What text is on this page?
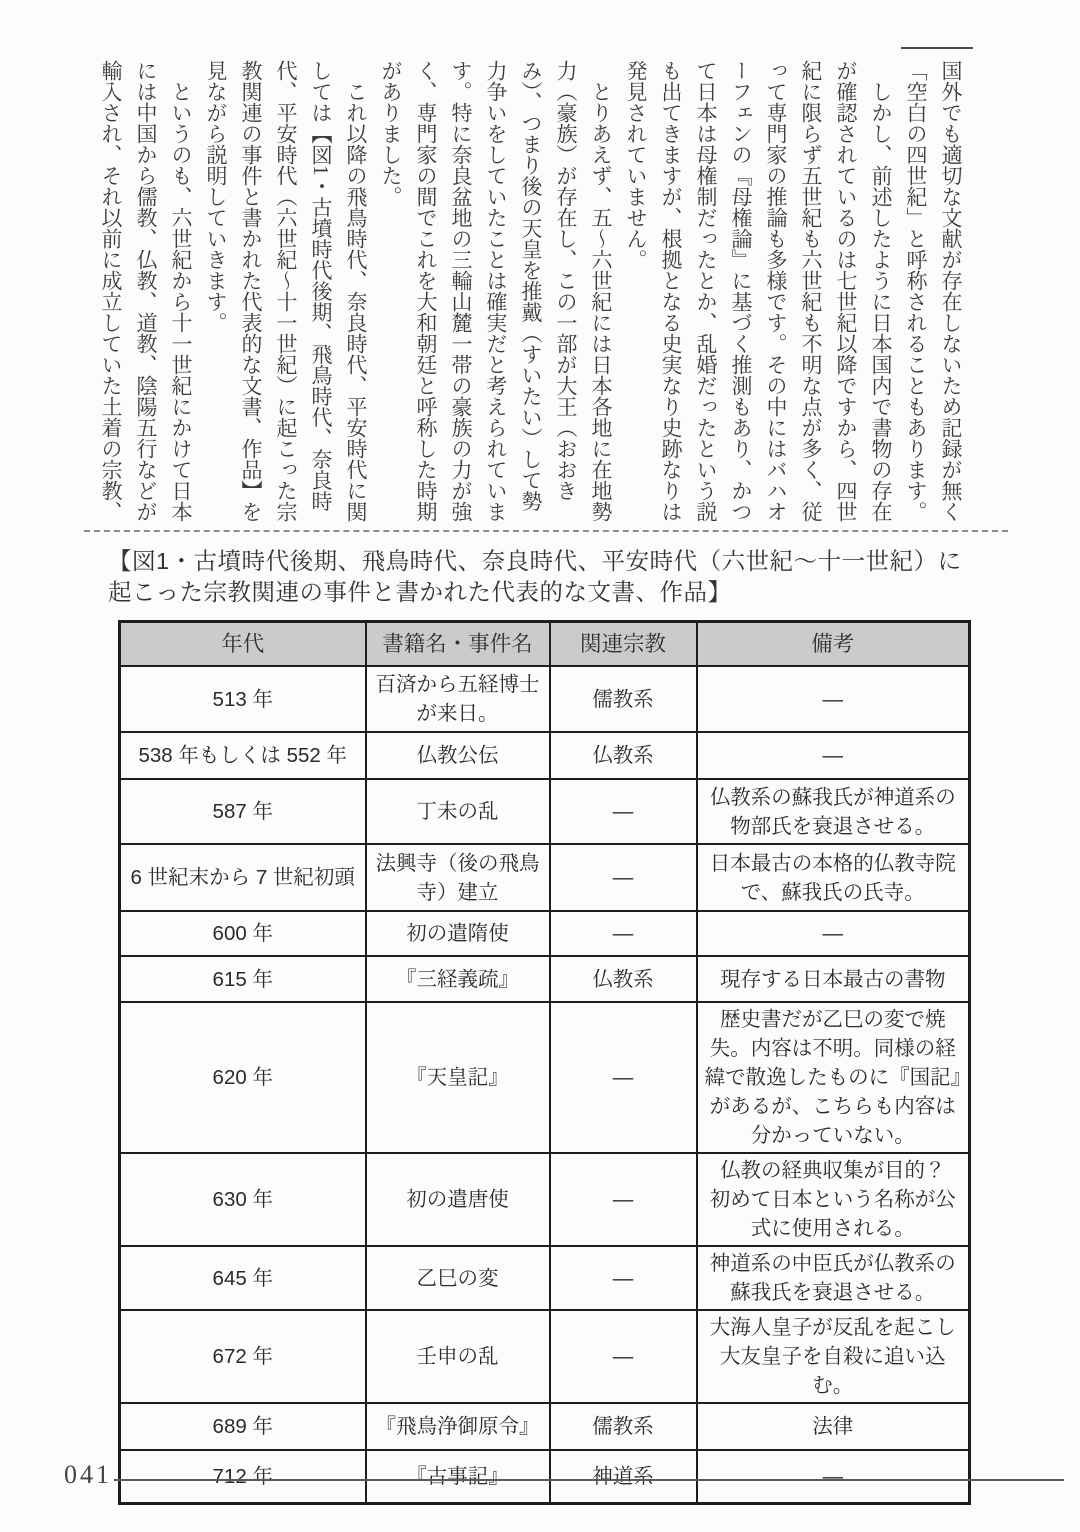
国外でも適切な文献が存在しないため記録が無く「空白の四世紀」と呼称されることもあります。

しかし、前述したように日本国内で書物の存在が確認されているのは七世紀以降ですから、四世紀に限らず五世紀も六世紀も不明な点が多く、従って専門家の推論も多様です。その中にはバハオーフェンの『母権論』に基づく推測もあり、かつて日本は母権制だったとか、乱婚だったという説も出てきますが、根拠となる史実なり史跡なりは発見されていません。

とりあえず、五〜六世紀には日本各地に在地勢力（豪族）が存在し、この一部が大王（おおきみ）、つまり後の天皇を推戴（すいたい）して勢力争いをしていたことは確実だと考えられています。特に奈良盆地の三輪山麓一帯の豪族の力が強く、専門家の間でこれを大和朝廷と呼称した時期がありました。

これ以降の飛鳥時代、奈良時代、平安時代に関しては【図1・古墳時代後期、飛鳥時代、奈良時代、平安時代（六世紀〜十一世紀）に起こった宗教関連の事件と書かれた代表的な文書、作品】を見ながら説明していきます。

というのも、六世紀から十一世紀にかけて日本には中国から儒教、仏教、道教、陰陽五行などが輸入され、それ以前に成立していた土着の宗教、

【図1・古墳時代後期、飛鳥時代、奈良時代、平安時代（六世紀〜十一世紀）に
起こった宗教関連の事件と書かれた代表的な文書、作品】
年代	書籍名・事件名	関連宗教	備考
513 年	百済から五経博士が来日。	儒教系	—
538 年もしくは 552 年	仏教公伝	仏教系	—
587 年	丁未の乱	—	仏教系の蘇我氏が神道系の物部氏を衰退させる。
6 世紀末から 7 世紀初頭	法興寺（後の飛鳥寺）建立	—	日本最古の本格的仏教寺院で、蘇我氏の氏寺。
600 年	初の遣隋使	—	—
615 年	『三経義疏』	仏教系	現存する日本最古の書物
620 年	『天皇記』	—	歴史書だが乙巳の変で焼失。内容は不明。同様の経緯で散逸したものに『国記』があるが、こちらも内容は分かっていない。
630 年	初の遣唐使	—	仏教の経典収集が目的？　初めて日本という名称が公式に使用される。
645 年	乙巳の変	—	神道系の中臣氏が仏教系の蘇我氏を衰退させる。
672 年	壬申の乱	—	大海人皇子が反乱を起こし大友皇子を自殺に追い込む。
689 年	『飛鳥浄御原令』	儒教系	法律
712 年	『古事記』	神道系	—
041
